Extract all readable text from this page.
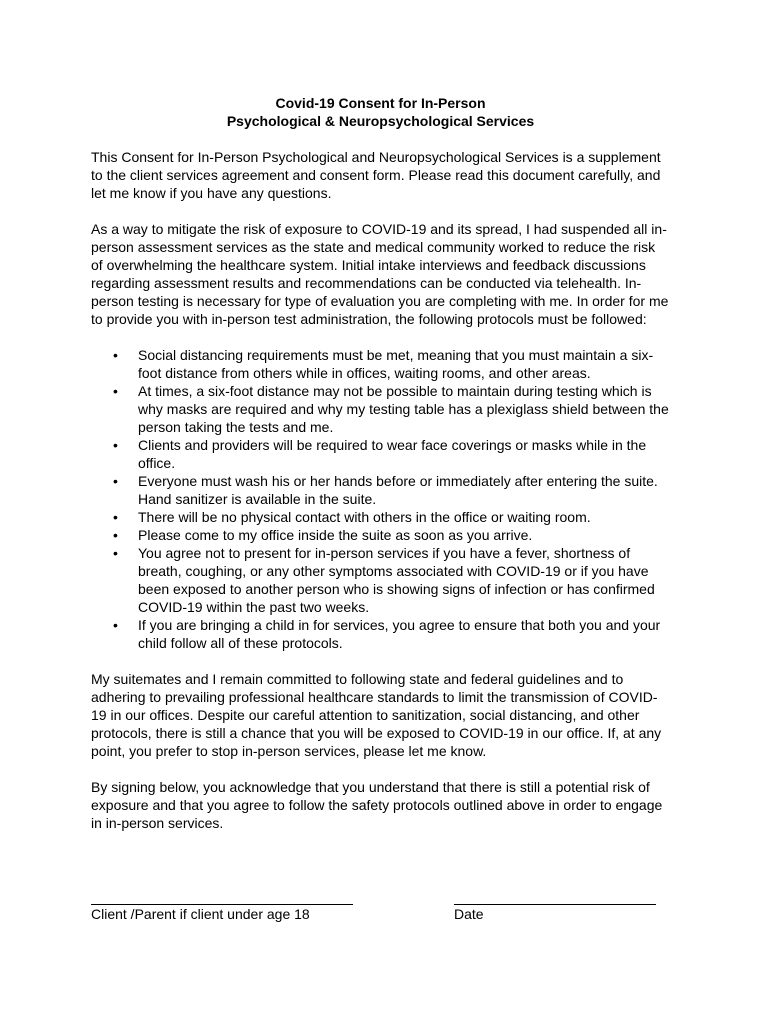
Covid-19 Consent for In-Person
Psychological & Neuropsychological Services

This Consent for In-Person Psychological and Neuropsychological Services is a supplement to the client services agreement and consent form. Please read this document carefully, and let me know if you have any questions.

As a way to mitigate the risk of exposure to COVID-19 and its spread, I had suspended all in-person assessment services as the state and medical community worked to reduce the risk of overwhelming the healthcare system. Initial intake interviews and feedback discussions regarding assessment results and recommendations can be conducted via telehealth. In-person testing is necessary for type of evaluation you are completing with me. In order for me to provide you with in-person test administration, the following protocols must be followed:

• Social distancing requirements must be met, meaning that you must maintain a six-foot distance from others while in offices, waiting rooms, and other areas.
• At times, a six-foot distance may not be possible to maintain during testing which is why masks are required and why my testing table has a plexiglass shield between the person taking the tests and me.
• Clients and providers will be required to wear face coverings or masks while in the office.
• Everyone must wash his or her hands before or immediately after entering the suite. Hand sanitizer is available in the suite.
• There will be no physical contact with others in the office or waiting room.
• Please come to my office inside the suite as soon as you arrive.
• You agree not to present for in-person services if you have a fever, shortness of breath, coughing, or any other symptoms associated with COVID-19 or if you have been exposed to another person who is showing signs of infection or has confirmed COVID-19 within the past two weeks.
• If you are bringing a child in for services, you agree to ensure that both you and your child follow all of these protocols.

My suitemates and I remain committed to following state and federal guidelines and to adhering to prevailing professional healthcare standards to limit the transmission of COVID-19 in our offices. Despite our careful attention to sanitization, social distancing, and other protocols, there is still a chance that you will be exposed to COVID-19 in our office. If, at any point, you prefer to stop in-person services, please let me know.

By signing below, you acknowledge that you understand that there is still a potential risk of exposure and that you agree to follow the safety protocols outlined above in order to engage in in-person services.

Client /Parent if client under age 18	Date
